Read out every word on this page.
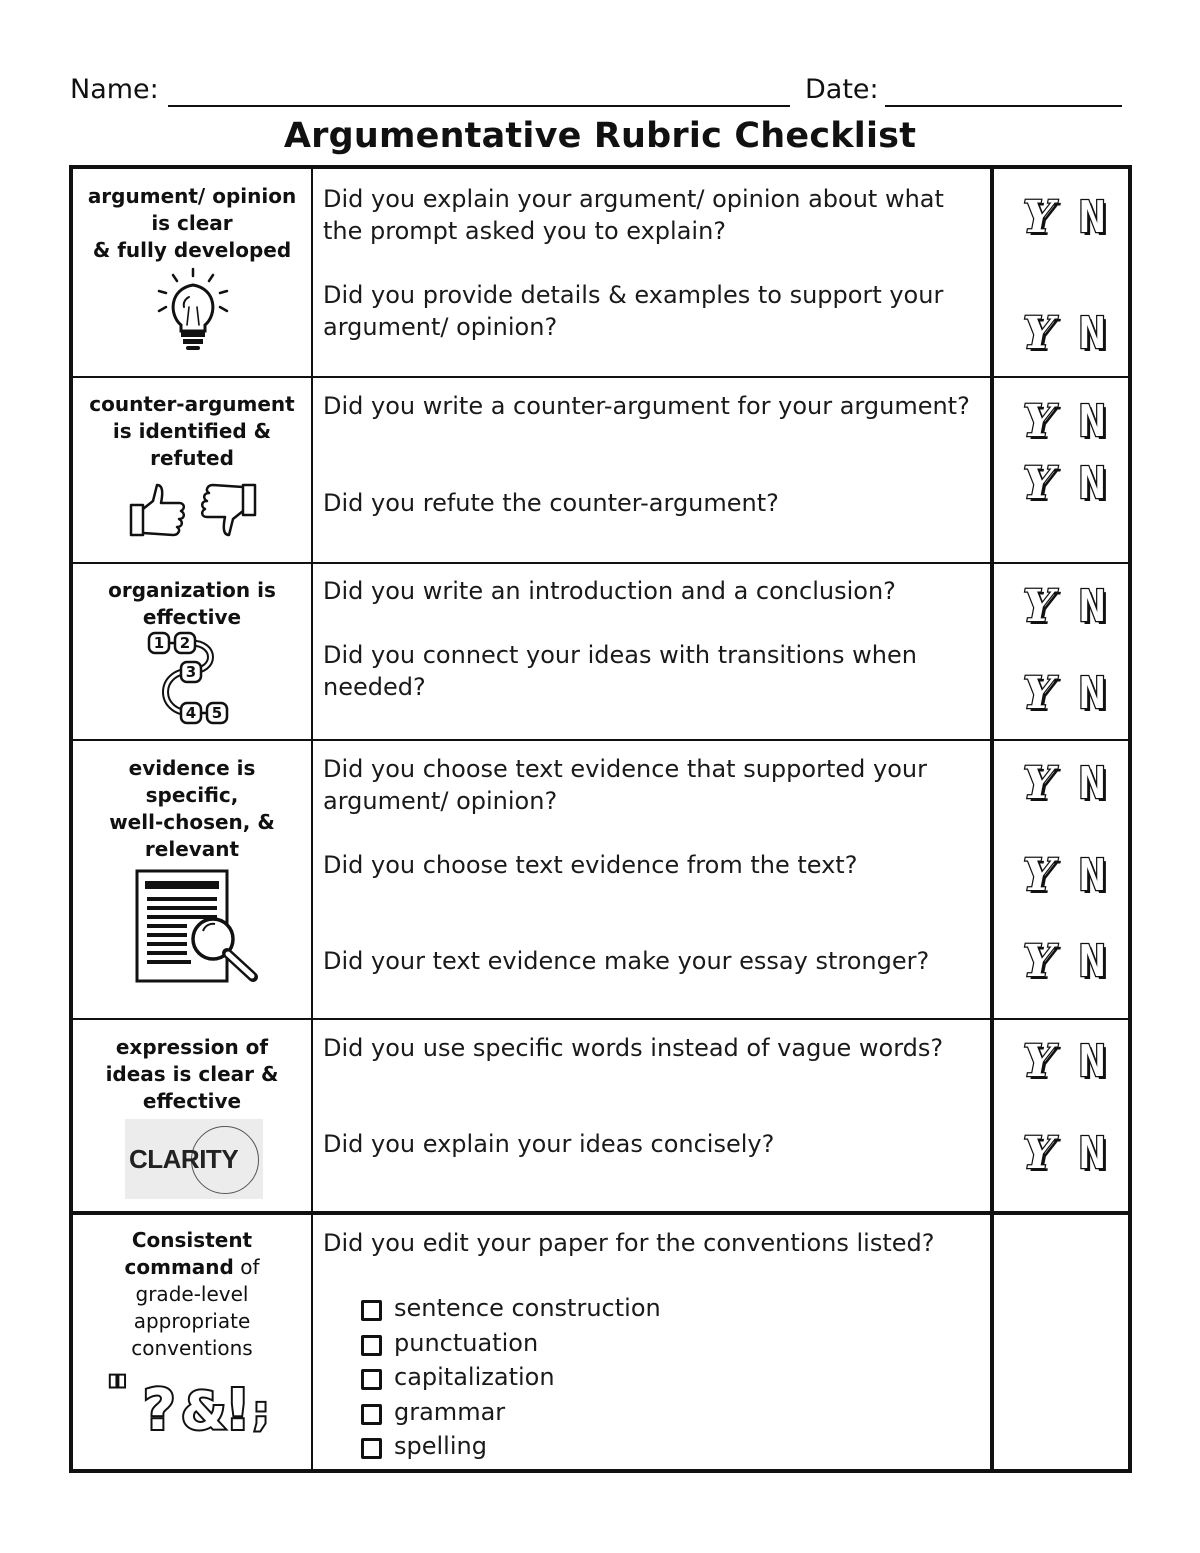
Name:	Date:
Argumentative Rubric Checklist
argument/ opinion
is clear
& fully developed
Did you explain your argument/ opinion about what the prompt asked you to explain?
Did you provide details & examples to support your argument/ opinion?
Y N
Y N
counter-argument
is identified &
refuted
Did you write a counter-argument for your argument?
Did you refute the counter-argument?
Y N
Y N
organization is
effective
1 2
3
4 5
Did you write an introduction and a conclusion?
Did you connect your ideas with transitions when needed?
Y N
Y N
evidence is
specific,
well-chosen, &
relevant
Did you choose text evidence that supported your argument/ opinion?
Did you choose text evidence from the text?
Did your text evidence make your essay stronger?
Y N
Y N
Y N
expression of
ideas is clear &
effective
CLARITY
Did you use specific words instead of vague words?
Did you explain your ideas concisely?
Y N
Y N
Consistent
command of
grade-level
appropriate
conventions
" ? &
! ;
Did you edit your paper for the conventions listed?
sentence construction
punctuation
capitalization
grammar
spelling
